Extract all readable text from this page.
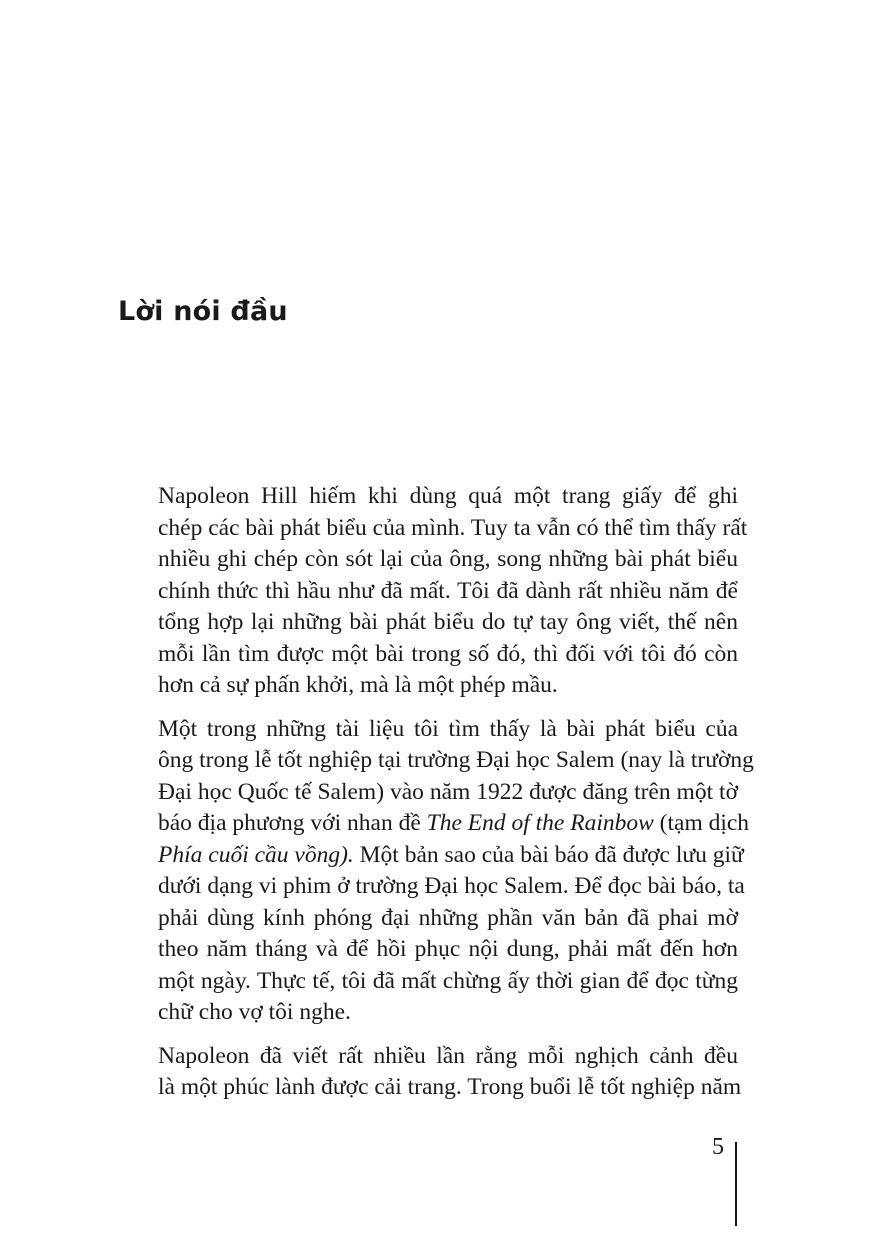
Lời nói đầu
Napoleon Hill hiếm khi dùng quá một trang giấy để ghi
chép các bài phát biểu của mình. Tuy ta vẫn có thể tìm thấy rất
nhiều ghi chép còn sót lại của ông, song những bài phát biểu
chính thức thì hầu như đã mất. Tôi đã dành rất nhiều năm để
tổng hợp lại những bài phát biểu do tự tay ông viết, thế nên
mỗi lần tìm được một bài trong số đó, thì đối với tôi đó còn
hơn cả sự phấn khởi, mà là một phép mầu.
Một trong những tài liệu tôi tìm thấy là bài phát biểu của
ông trong lễ tốt nghiệp tại trường Đại học Salem (nay là trường
Đại học Quốc tế Salem) vào năm 1922 được đăng trên một tờ
báo địa phương với nhan đề The End of the Rainbow (tạm dịch
Phía cuối cầu vồng). Một bản sao của bài báo đã được lưu giữ
dưới dạng vi phim ở trường Đại học Salem. Để đọc bài báo, ta
phải dùng kính phóng đại những phần văn bản đã phai mờ
theo năm tháng và để hồi phục nội dung, phải mất đến hơn
một ngày. Thực tế, tôi đã mất chừng ấy thời gian để đọc từng
chữ cho vợ tôi nghe.
Napoleon đã viết rất nhiều lần rằng mỗi nghịch cảnh đều
là một phúc lành được cải trang. Trong buổi lễ tốt nghiệp năm
5
